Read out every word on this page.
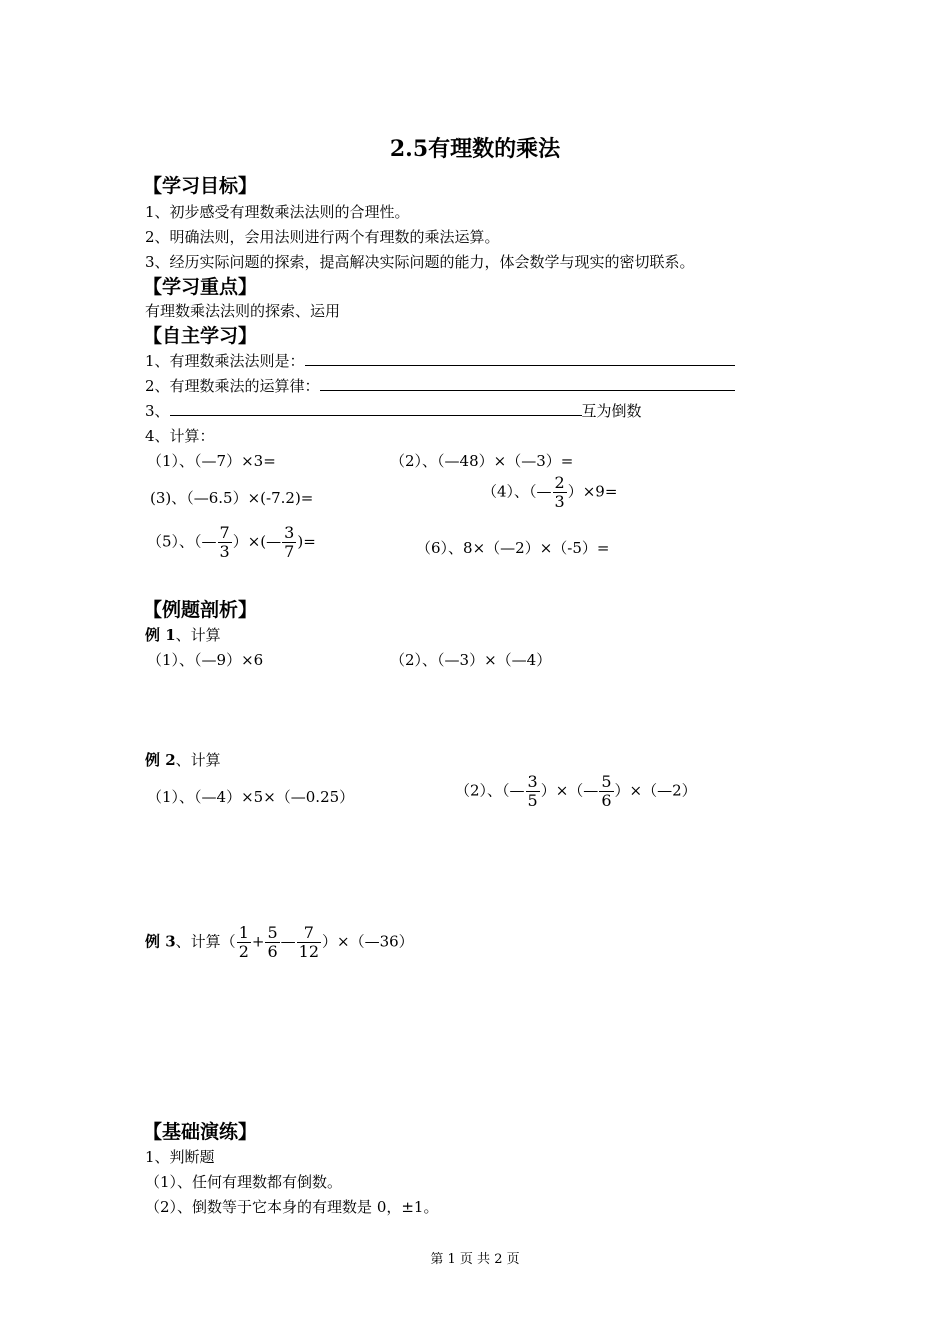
2.5有理数的乘法
【学习目标】
1、初步感受有理数乘法法则的合理性。
2、明确法则，会用法则进行两个有理数的乘法运算。
3、经历实际问题的探索，提高解决实际问题的能力，体会数学与现实的密切联系。
【学习重点】
有理数乘法法则的探索、运用
【自主学习】
1、有理数乘法法则是：
2、有理数乘法的运算律：
3、	互为倒数
4、计算：
（1）、（—7）×3=	（2）、（—48）×（—3）=
(3)、（—6.5）×(-7.2)=	（4）、（— $\frac{2}{3} )\times 9=$
（5）、（— $\frac{7}{3}$ ）×(— $\frac{3}{7}$ )=	（6）、8×（—2）×（-5）=
【例题剖析】
例 1、计算
（1）、（—9）×6	（2）、（—3）×（—4）
例 2、计算
（1）、（—4）×5×（—0.25）	（2）、（— $\frac{3}{5}$ ）×（— $\frac{5}{6}$ ）×（—2）
例 3、计算（ $\frac{1}{2} + \frac{5}{6}$ — $\frac{7}{12}$ ）×（—36）
【基础演练】
1、判断题
（1）、任何有理数都有倒数。
（2）、倒数等于它本身的有理数是 0，±1。
第 1 页 共 2 页
